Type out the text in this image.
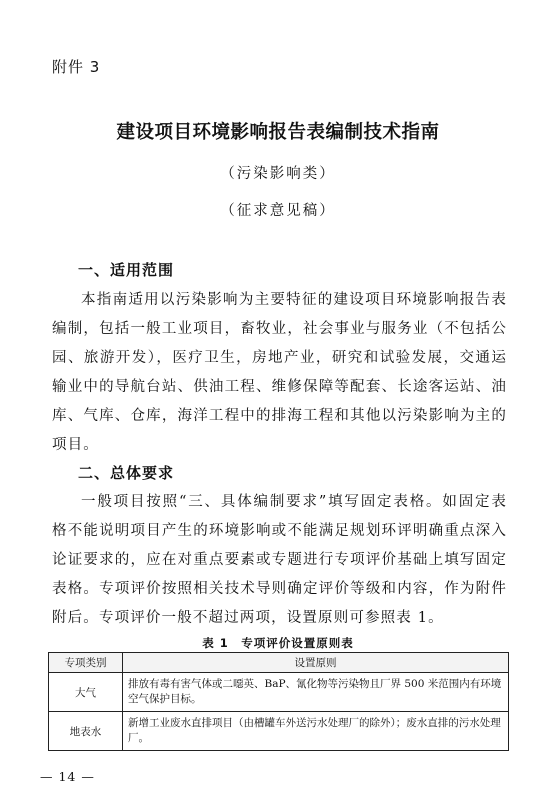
附件 3
建设项目环境影响报告表编制技术指南
（污染影响类）
（征求意见稿）
一、适用范围
本指南适用以污染影响为主要特征的建设项目环境影响报告表
编制，包括一般工业项目，畜牧业，社会事业与服务业（不包括公
园、旅游开发），医疗卫生，房地产业，研究和试验发展，交通运
输业中的导航台站、供油工程、维修保障等配套、长途客运站、油
库、气库、仓库，海洋工程中的排海工程和其他以污染影响为主的
项目。
二、总体要求
一般项目按照“三、具体编制要求”填写固定表格。如固定表
格不能说明项目产生的环境影响或不能满足规划环评明确重点深入
论证要求的，应在对重点要素或专题进行专项评价基础上填写固定
表格。专项评价按照相关技术导则确定评价等级和内容，作为附件
附后。专项评价一般不超过两项，设置原则可参照表 1。
表 1　专项评价设置原则表
专项类别	设置原则
大气	排放有毒有害气体或二噁英、BaP、氰化物等污染物且厂界 500 米范围内有环境空气保护目标。
地表水	新增工业废水直排项目（由槽罐车外送污水处理厂的除外）；废水直排的污水处理厂。
— 14 —
